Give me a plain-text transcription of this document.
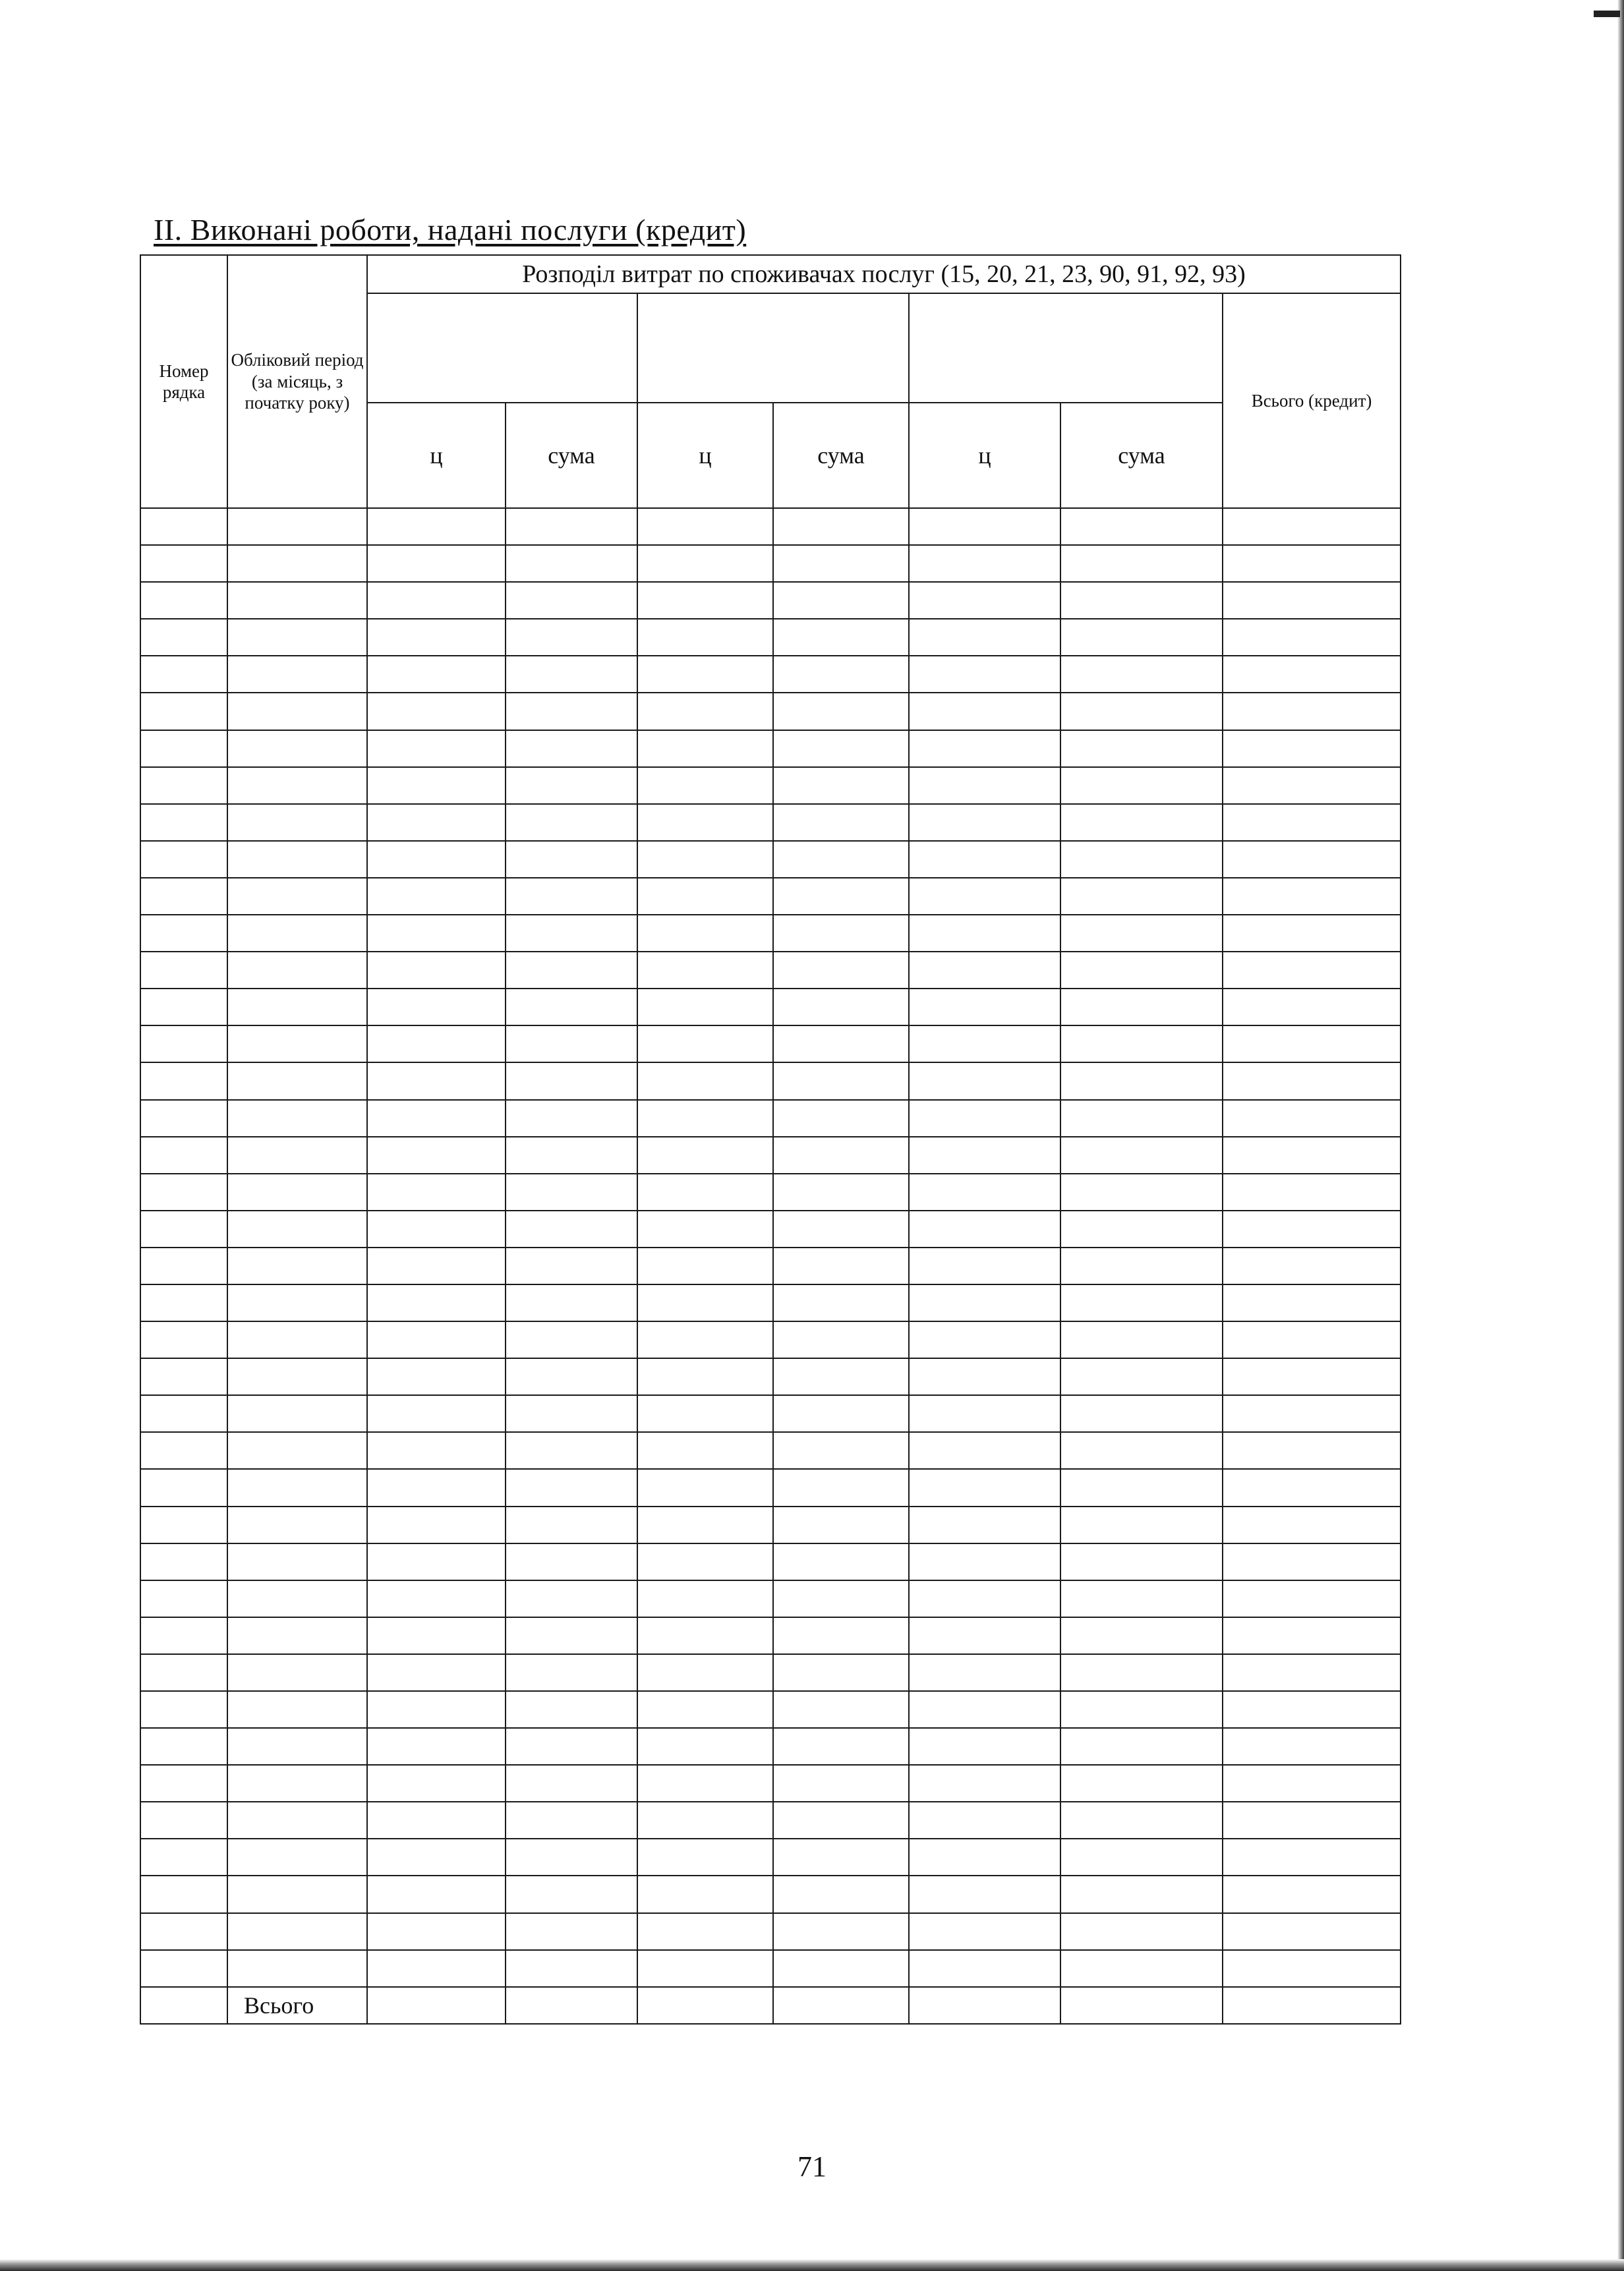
II. Виконані роботи, надані послуги (кредит)
Номер рядка	Обліковий період (за місяць, з початку року)	Розподіл витрат по споживачах послуг (15, 20, 21, 23, 90, 91, 92, 93)						
								Всього (кредит)
		ц	сума	ц	сума	ц	сума	

	Всього							
71
